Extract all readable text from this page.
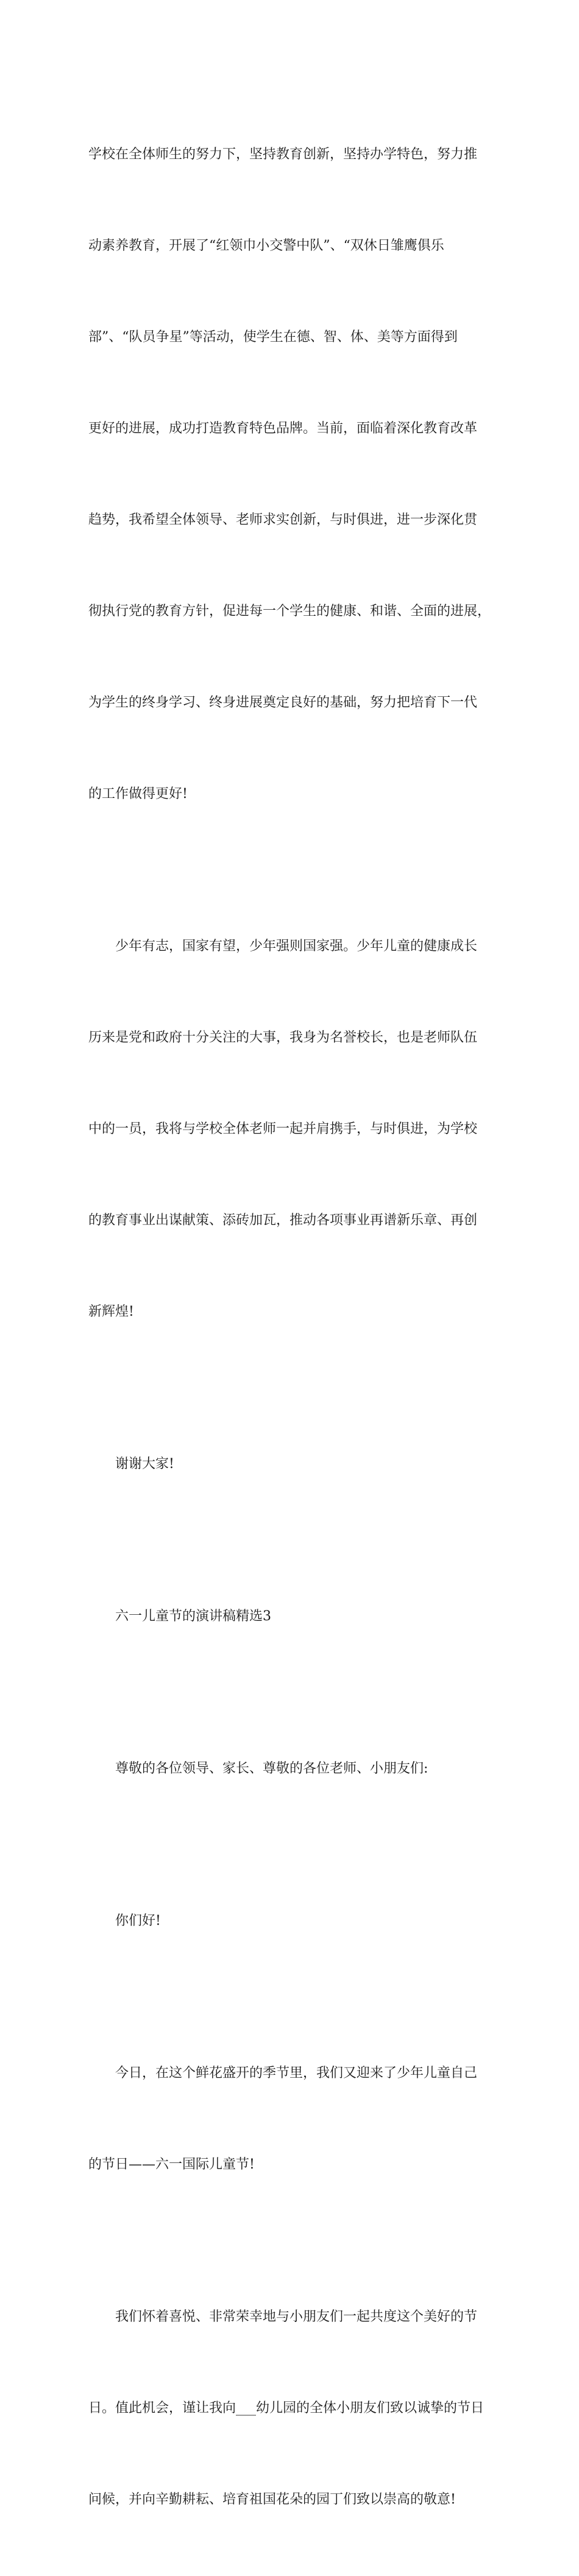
学校在全体师生的努力下，坚持教育创新，坚持办学特色，努力推

动素养教育，开展了“红领巾小交警中队”、“双休日雏鹰俱乐

部”、“队员争星”等活动，使学生在德、智、体、美等方面得到

更好的进展，成功打造教育特色品牌。当前，面临着深化教育改革

趋势，我希望全体领导、老师求实创新，与时俱进，进一步深化贯

彻执行党的教育方针，促进每一个学生的健康、和谐、全面的进展，

为学生的终身学习、终身进展奠定良好的基础，努力把培育下一代

的工作做得更好!

少年有志，国家有望，少年强则国家强。少年儿童的健康成长

历来是党和政府十分关注的大事，我身为名誉校长，也是老师队伍

中的一员，我将与学校全体老师一起并肩携手，与时俱进，为学校

的教育事业出谋献策、添砖加瓦，推动各项事业再谱新乐章、再创

新辉煌!

谢谢大家!

六一儿童节的演讲稿精选3

尊敬的各位领导、家长、尊敬的各位老师、小朋友们:

你们好!

今日，在这个鲜花盛开的季节里，我们又迎来了少年儿童自己

的节日——六一国际儿童节!

我们怀着喜悦、非常荣幸地与小朋友们一起共度这个美好的节

日。值此机会，谨让我向___幼儿园的全体小朋友们致以诚挚的节日

问候，并向辛勤耕耘、培育祖国花朵的园丁们致以崇高的敬意!
